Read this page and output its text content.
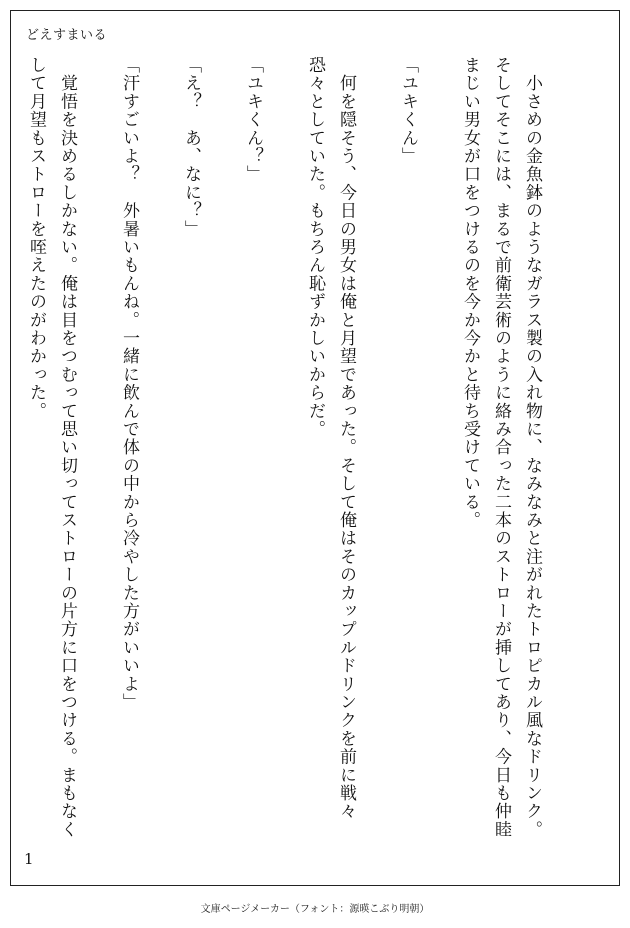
どえすまいる

　小さめの金魚鉢のようなガラス製の入れ物に、なみなみと注がれたトロピカル風なドリンク。そしてそこには、まるで前衛芸術のように絡み合った二本のストローが挿してあり、今日も仲睦まじい男女が口をつけるのを今か今かと待ち受けている。

「ユキくん」

　何を隠そう、今日の男女は俺と月望であった。そして俺はそのカップルドリンクを前に戦々恐々としていた。もちろん恥ずかしいからだ。

「ユキくん？」

「え？　あ、なに？」

「汗すごいよ？　外暑いもんね。一緒に飲んで体の中から冷やした方がいいよ」

　覚悟を決めるしかない。俺は目をつむって思い切ってストローの片方に口をつける。まもなくして月望もストローを咥えたのがわかった。

1
文庫ページメーカー（フォント：源暎こぶり明朝）
